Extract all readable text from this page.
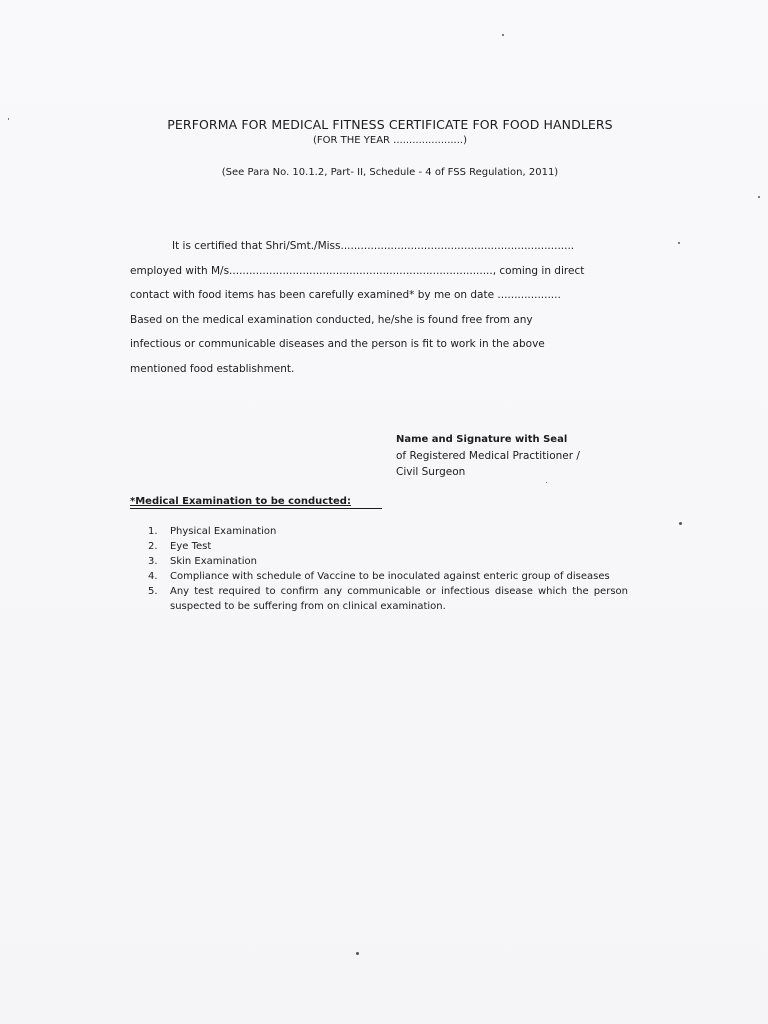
PERFORMA FOR MEDICAL FITNESS CERTIFICATE FOR FOOD HANDLERS
(FOR THE YEAR ......................)
(See Para No. 10.1.2, Part- II, Schedule - 4 of FSS Regulation, 2011)
It is certified that Shri/Smt./Miss......................................................................
employed with M/s..............................................................................., coming in direct
contact with food items has been carefully examined* by me on date ...................
Based on the medical examination conducted, he/she is found free from any
infectious or communicable diseases and the person is fit to work in the above
mentioned food establishment.
Name and Signature with Seal
of Registered Medical Practitioner /
Civil Surgeon
*Medical Examination to be conducted:
1.	Physical Examination
2.	Eye Test
3.	Skin Examination
4.	Compliance with schedule of Vaccine to be inoculated against enteric group of diseases
5.	Any test required to confirm any communicable or infectious disease which the person suspected to be suffering from on clinical examination.
